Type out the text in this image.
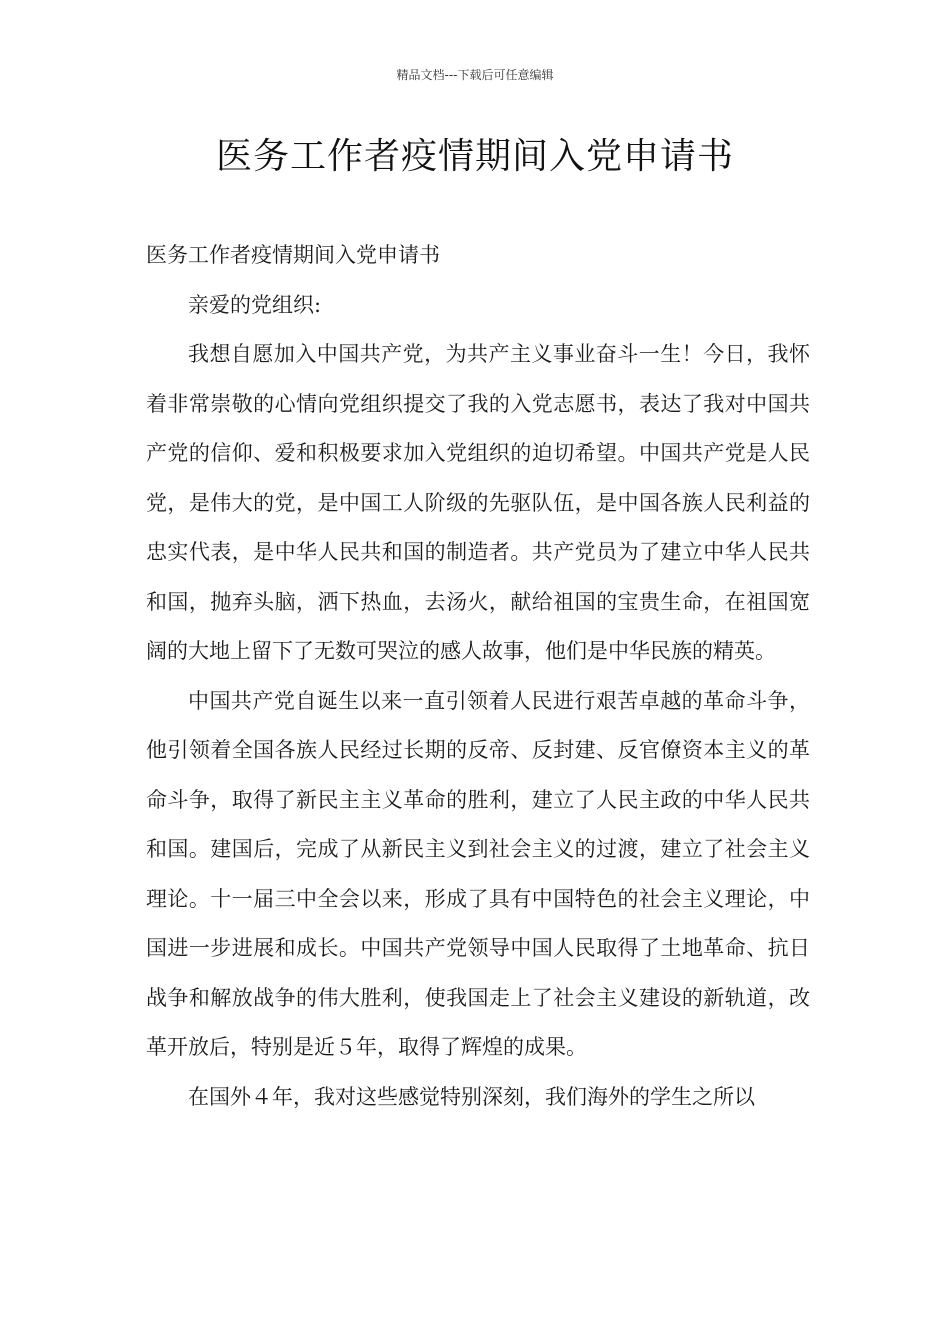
精品文档---下载后可任意编辑
医务工作者疫情期间入党申请书

医务工作者疫情期间入党申请书

亲爱的党组织:

我想自愿加入中国共产党，为共产主义事业奋斗一生！今日，我怀着非常崇敬的心情向党组织提交了我的入党志愿书，表达了我对中国共产党的信仰、爱和积极要求加入党组织的迫切希望。中国共产党是人民党，是伟大的党，是中国工人阶级的先驱队伍，是中国各族人民利益的忠实代表，是中华人民共和国的制造者。共产党员为了建立中华人民共和国，抛弃头脑，洒下热血，去汤火，献给祖国的宝贵生命，在祖国宽阔的大地上留下了无数可哭泣的感人故事，他们是中华民族的精英。

中国共产党自诞生以来一直引领着人民进行艰苦卓越的革命斗争，他引领着全国各族人民经过长期的反帝、反封建、反官僚资本主义的革命斗争，取得了新民主主义革命的胜利，建立了人民主政的中华人民共和国。建国后，完成了从新民主义到社会主义的过渡，建立了社会主义理论。十一届三中全会以来，形成了具有中国特色的社会主义理论，中国进一步进展和成长。中国共产党领导中国人民取得了土地革命、抗日战争和解放战争的伟大胜利，使我国走上了社会主义建设的新轨道，改革开放后，特别是近５年，取得了辉煌的成果。

在国外４年，我对这些感觉特别深刻，我们海外的学生之所以
